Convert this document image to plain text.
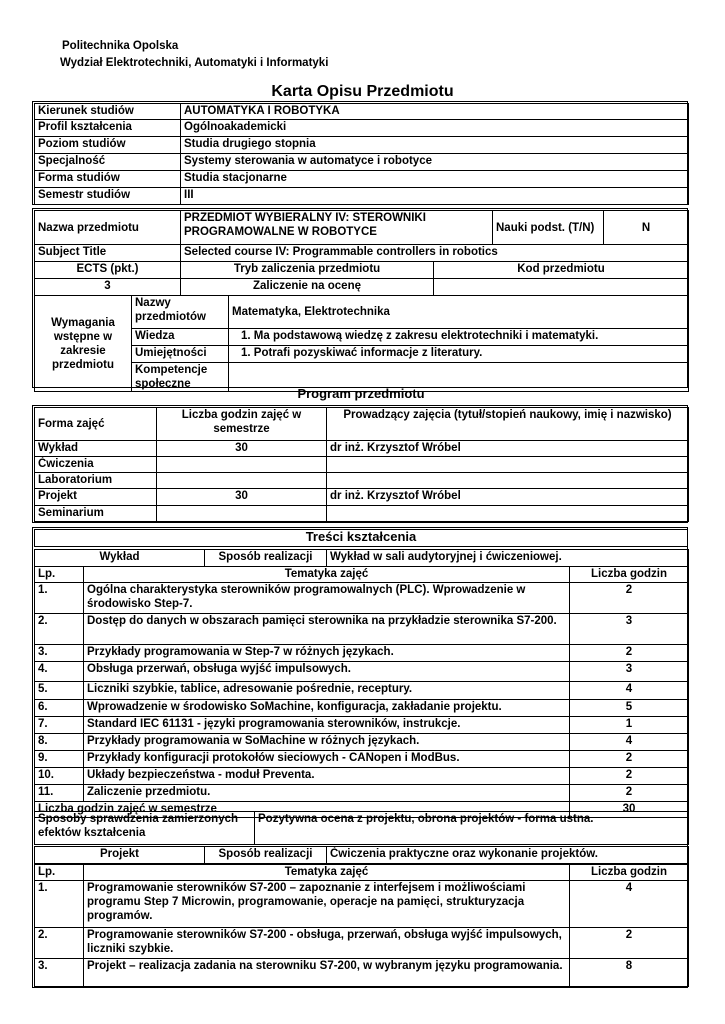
Politechnika Opolska
Wydział Elektrotechniki, Automatyki i Informatyki
Karta Opisu Przedmiotu
Kierunek studiów	AUTOMATYKA I ROBOTYKA
Profil kształcenia	Ogólnoakademicki
Poziom studiów	Studia drugiego stopnia
Specjalność	Systemy sterowania w automatyce i robotyce
Forma studiów	Studia stacjonarne
Semestr studiów	III
Nazwa przedmiotu	PRZEDMIOT WYBIERALNY IV: STEROWNIKI PROGRAMOWALNE W ROBOTYCE	Nauki podst. (T/N)	N
Subject Title	Selected course IV: Programmable controllers in robotics		
ECTS (pkt.)	Tryb zaliczenia przedmiotu	Kod przedmiotu
3	Zaliczenie na ocenę	
Wymagania wstępne w zakresie przedmiotu	Nazwy przedmiotów	Matematyka, Elektrotechnika
	Wiedza	1. Ma podstawową wiedzę z zakresu elektrotechniki i matematyki.
	Umiejętności	1. Potrafi pozyskiwać informacje z literatury.
	Kompetencje społeczne	
Program przedmiotu
Forma zajęć	Liczba godzin zajęć w semestrze	Prowadzący zajęcia (tytuł/stopień naukowy, imię i nazwisko)
Wykład	30	dr inż. Krzysztof Wróbel
Ćwiczenia		
Laboratorium		
Projekt	30	dr inż. Krzysztof Wróbel
Seminarium		
Treści kształcenia
Wykład	Sposób realizacji	Wykład w sali audytoryjnej i ćwiczeniowej.
Lp.	Tematyka zajęć	Liczba godzin
1.	Ogólna charakterystyka sterowników programowalnych (PLC). Wprowadzenie w środowisko Step-7.	2
2.	Dostęp do danych w obszarach pamięci sterownika na przykładzie sterownika S7-200.	3
3.	Przykłady programowania w Step-7 w różnych językach.	2
4.	Obsługa przerwań, obsługa wyjść impulsowych.	3
5.	Liczniki szybkie, tablice, adresowanie pośrednie, receptury.	4
6.	Wprowadzenie w środowisko SoMachine, konfiguracja, zakładanie projektu.	5
7.	Standard IEC 61131 - języki programowania sterowników, instrukcje.	1
8.	Przykłady programowania w SoMachine w różnych językach.	4
9.	Przykłady konfiguracji protokołów sieciowych - CANopen i ModBus.	2
10.	Układy bezpieczeństwa - moduł Preventa.	2
11.	Zaliczenie przedmiotu.	2
Liczba godzin zajęć w semestrze		30
Sposoby sprawdzenia zamierzonych efektów kształcenia	Pozytywna ocena z projektu, obrona projektów - forma ustna.
Projekt	Sposób realizacji	Ćwiczenia praktyczne oraz wykonanie projektów.
Lp.	Tematyka zajęć	Liczba godzin
1.	Programowanie sterowników S7-200 – zapoznanie z interfejsem i możliwościami programu Step 7 Microwin, programowanie, operacje na pamięci, strukturyzacja programów.	4
2.	Programowanie sterowników S7-200 - obsługa, przerwań, obsługa wyjść impulsowych, liczniki szybkie.	2
3.	Projekt – realizacja zadania na sterowniku S7-200, w wybranym języku programowania.	8
